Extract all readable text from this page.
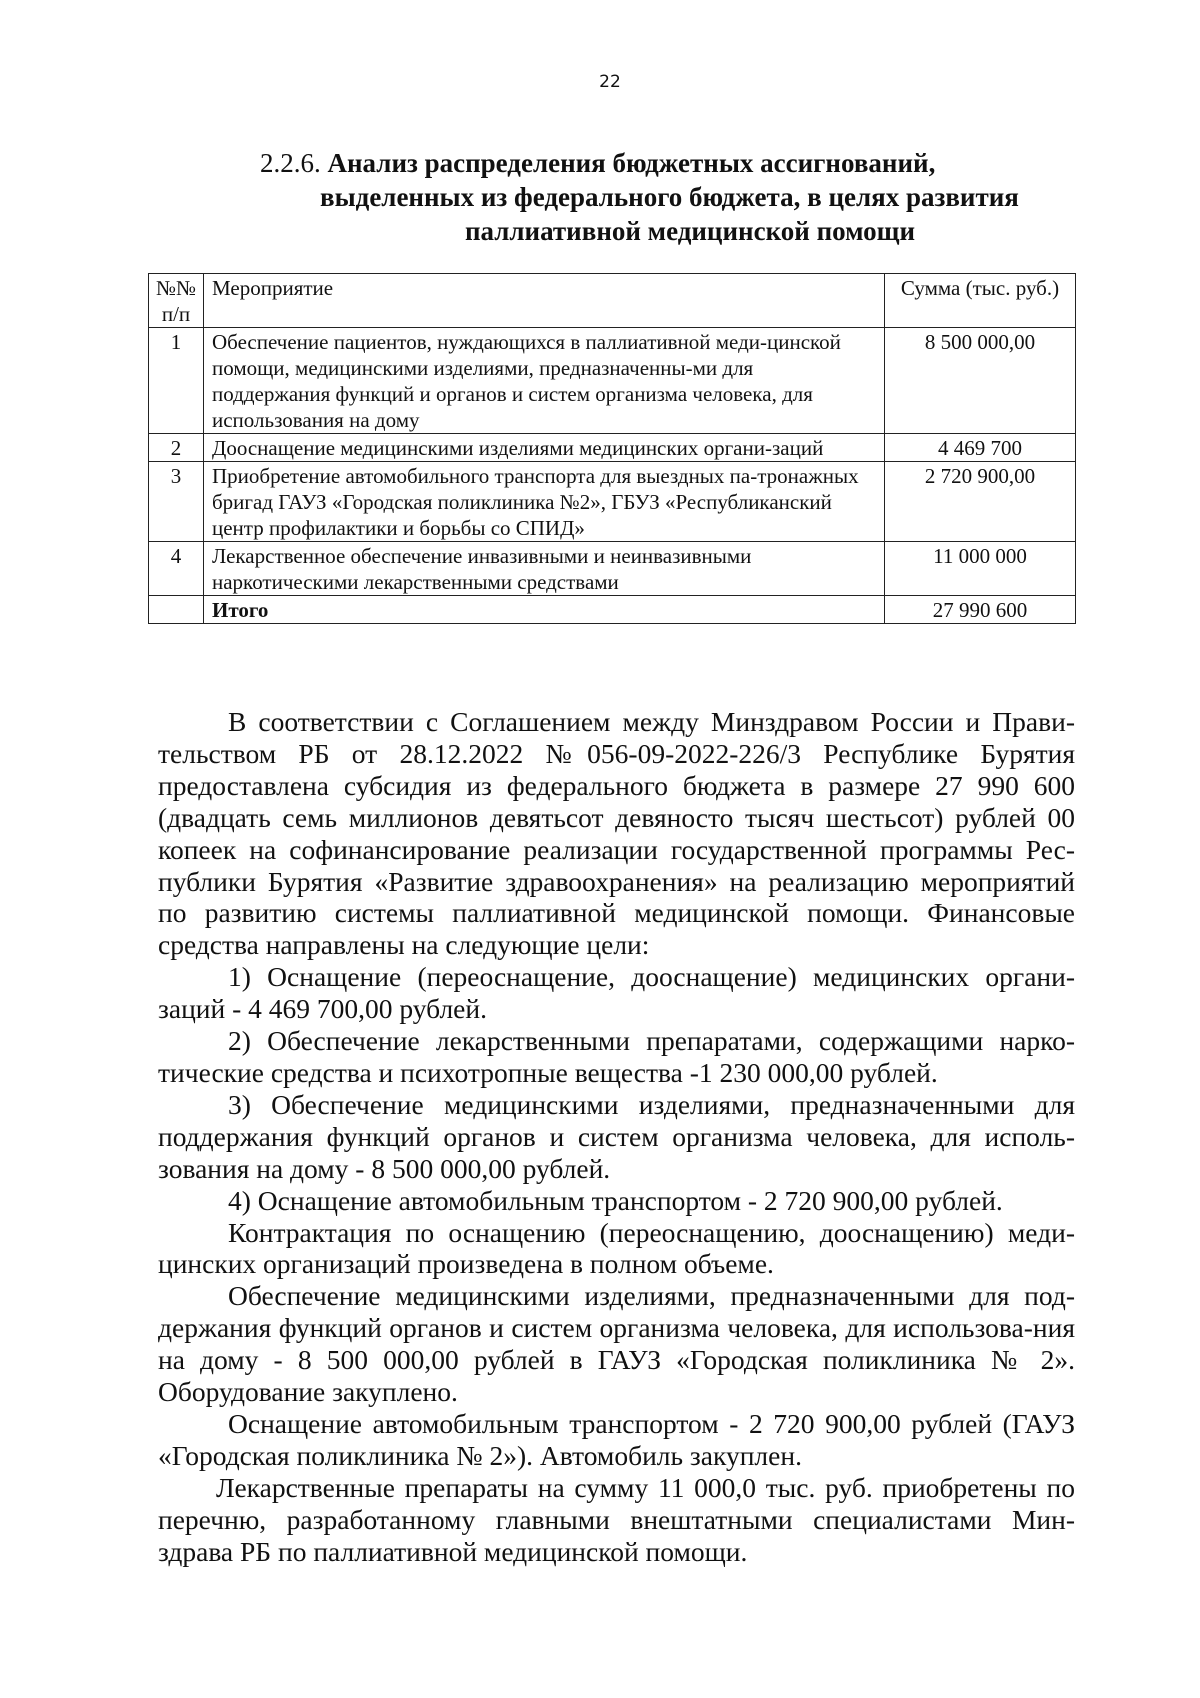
22
2.2.6. Анализ распределения бюджетных ассигнований,
выделенных из федерального бюджета, в целях развития
паллиативной медицинской помощи
№№ п/п	Мероприятие	Сумма (тыс. руб.)
1	Обеспечение пациентов, нуждающихся в паллиативной меди-цинской помощи, медицинскими изделиями, предназначенны-ми для поддержания функций и органов и систем организма человека, для использования на дому	8 500 000,00
2	Дооснащение медицинскими изделиями медицинских органи-заций	4 469 700
3	Приобретение автомобильного транспорта для выездных па-тронажных бригад ГАУЗ «Городская поликлиника №2», ГБУЗ «Республиканский центр профилактики и борьбы со СПИД»	2 720 900,00
4	Лекарственное обеспечение инвазивными и неинвазивными наркотическими лекарственными средствами	11 000 000
	Итого	27 990 600

В соответствии с Соглашением между Минздравом России и Прави-тельством РБ от 28.12.2022 №056-09-2022-226/3 Республике Бурятия предоставлена субсидия из федерального бюджета в размере 27 990 600 (двадцать семь миллионов девятьсот девяносто тысяч шестьсот) рублей 00 копеек на софинансирование реализации государственной программы Рес-публики Бурятия «Развитие здравоохранения» на реализацию мероприятий по развитию системы паллиативной медицинской помощи. Финансовые средства направлены на следующие цели:

1) Оснащение (переоснащение, дооснащение) медицинских органи-заций - 4 469 700,00 рублей.

2) Обеспечение лекарственными препаратами, содержащими нарко-тические средства и психотропные вещества -1 230 000,00 рублей.

3) Обеспечение медицинскими изделиями, предназначенными для поддержания функций органов и систем организма человека, для исполь-зования на дому - 8 500 000,00 рублей.

4) Оснащение автомобильным транспортом - 2 720 900,00 рублей.

Контрактация по оснащению (переоснащению, дооснащению) меди-цинских организаций произведена в полном объеме.

Обеспечение медицинскими изделиями, предназначенными для под-держания функций органов и систем организма человека, для использова-ния на дому - 8 500 000,00 рублей в ГАУЗ «Городская поликлиника № 2». Оборудование закуплено.

Оснащение автомобильным транспортом - 2 720 900,00 рублей (ГАУЗ «Городская поликлиника № 2»). Автомобиль закуплен.

Лекарственные препараты на сумму 11 000,0 тыс. руб. приобретены по перечню, разработанному главными внештатными специалистами Мин-здрава РБ по паллиативной медицинской помощи.
